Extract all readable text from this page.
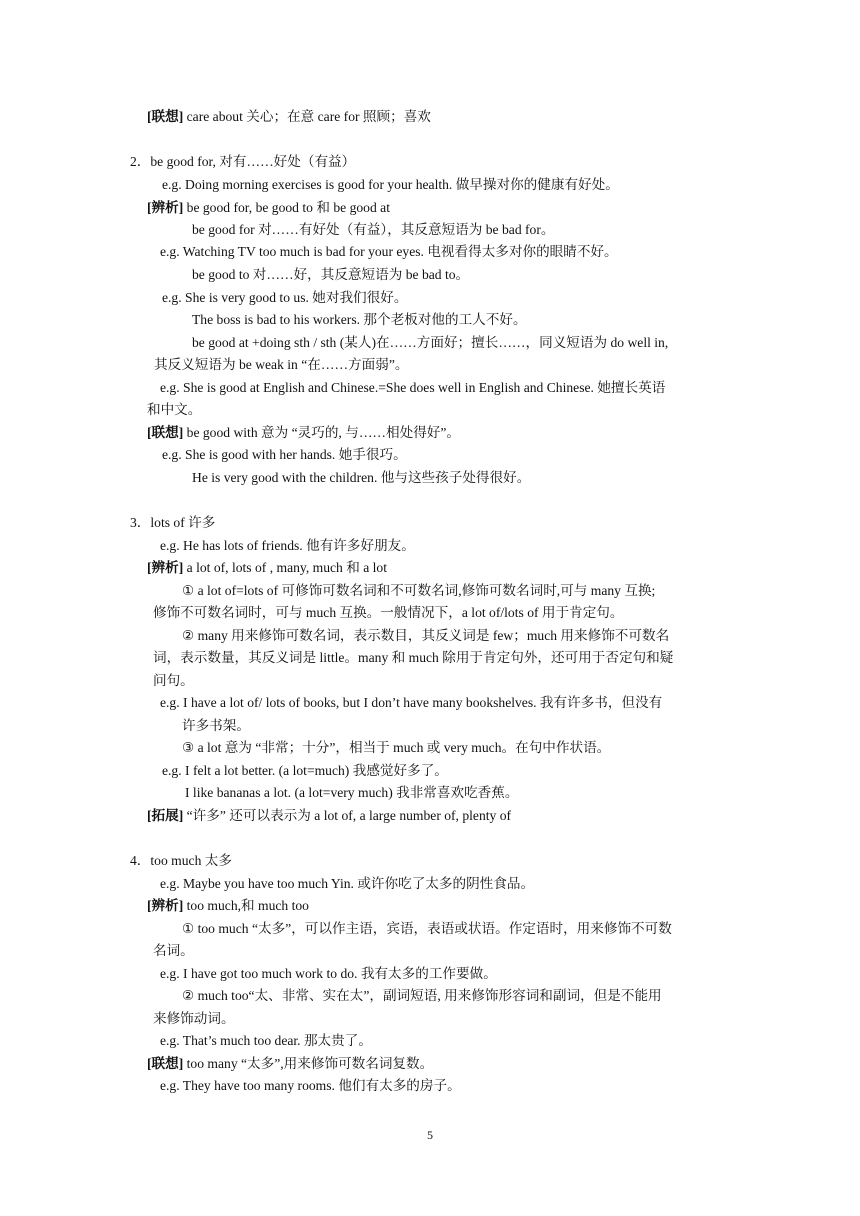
[联想] care about 关心；在意 care for 照顾；喜欢
2．be good for, 对有……好处（有益）
e.g. Doing morning exercises is good for your health. 做早操对你的健康有好处。
[辨析] be good for, be good to 和 be good at
be good for 对……有好处（有益），其反意短语为 be bad for。
e.g. Watching TV too much is bad for your eyes. 电视看得太多对你的眼睛不好。
be good to 对……好，其反意短语为 be bad to。
e.g. She is very good to us. 她对我们很好。
The boss is bad to his workers. 那个老板对他的工人不好。
be good at +doing sth / sth (某人)在……方面好；擅长……，同义短语为 do well in,
其反义短语为 be weak in “在……方面弱”。
e.g. She is good at English and Chinese.=She does well in English and Chinese. 她擅长英语
和中文。
[联想] be good with 意为 “灵巧的, 与……相处得好”。
e.g. She is good with her hands. 她手很巧。
He is very good with the children. 他与这些孩子处得很好。
3．lots of 许多
e.g. He has lots of friends. 他有许多好朋友。
[辨析] a lot of, lots of , many, much 和 a lot
① a lot of=lots of 可修饰可数名词和不可数名词,修饰可数名词时,可与 many 互换;
修饰不可数名词时，可与 much 互换。一般情况下，a lot of/lots of 用于肯定句。
② many 用来修饰可数名词，表示数目，其反义词是 few；much 用来修饰不可数名
词，表示数量，其反义词是 little。many 和 much 除用于肯定句外，还可用于否定句和疑
问句。
e.g. I have a lot of/ lots of books, but I don’t have many bookshelves. 我有许多书，但没有
许多书架。
③ a lot 意为 “非常；十分”，相当于 much 或 very much。在句中作状语。
e.g. I felt a lot better. (a lot=much) 我感觉好多了。
I like bananas a lot. (a lot=very much) 我非常喜欢吃香蕉。
[拓展] “许多” 还可以表示为 a lot of, a large number of, plenty of
4．too much 太多
e.g. Maybe you have too much Yin. 或许你吃了太多的阴性食品。
[辨析] too much,和 much too
① too much “太多”，可以作主语，宾语，表语或状语。作定语时，用来修饰不可数
名词。
e.g. I have got too much work to do. 我有太多的工作要做。
② much too“太、非常、实在太”，副词短语, 用来修饰形容词和副词，但是不能用
来修饰动词。
e.g. That’s much too dear. 那太贵了。
[联想] too many “太多”,用来修饰可数名词复数。
e.g. They have too many rooms. 他们有太多的房子。
5
